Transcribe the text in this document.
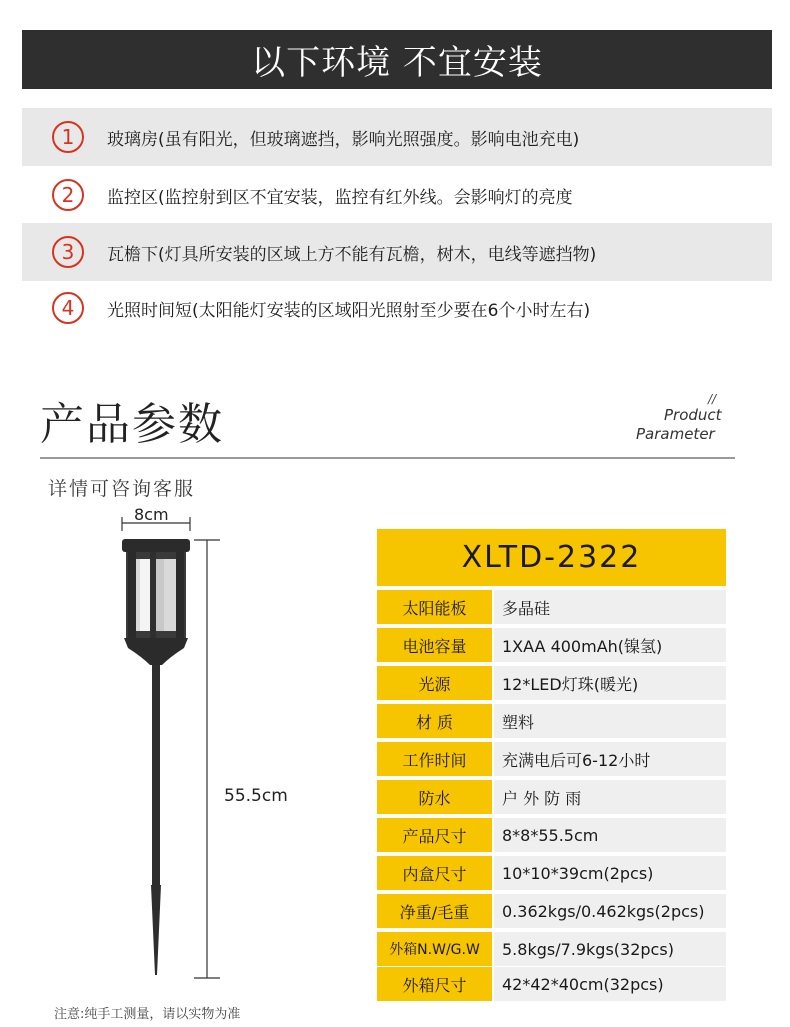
以下环境 不宜安装
1	玻璃房(虽有阳光，但玻璃遮挡，影响光照强度。影响电池充电)
2	监控区(监控射到区不宜安装，监控有红外线。会影响灯的亮度
3	瓦檐下(灯具所安装的区域上方不能有瓦檐，树木，电线等遮挡物)
4	光照时间短(太阳能灯安装的区域阳光照射至少要在6个小时左右)
产品参数	//
Product
Parameter
详情可咨询客服
8cm
55.5cm
XLTD-2322
太阳能板	多晶硅
电池容量	1XAA 400mAh(镍氢)
光源	12*LED灯珠(暖光)
材 质	塑料
工作时间	充满电后可6-12小时
防水	户 外 防 雨
产品尺寸	8*8*55.5cm
内盒尺寸	10*10*39cm(2pcs)
净重/毛重	0.362kgs/0.462kgs(2pcs)
外箱N.W/G.W	5.8kgs/7.9kgs(32pcs)
外箱尺寸	42*42*40cm(32pcs)
注意:纯手工测量，请以实物为准
